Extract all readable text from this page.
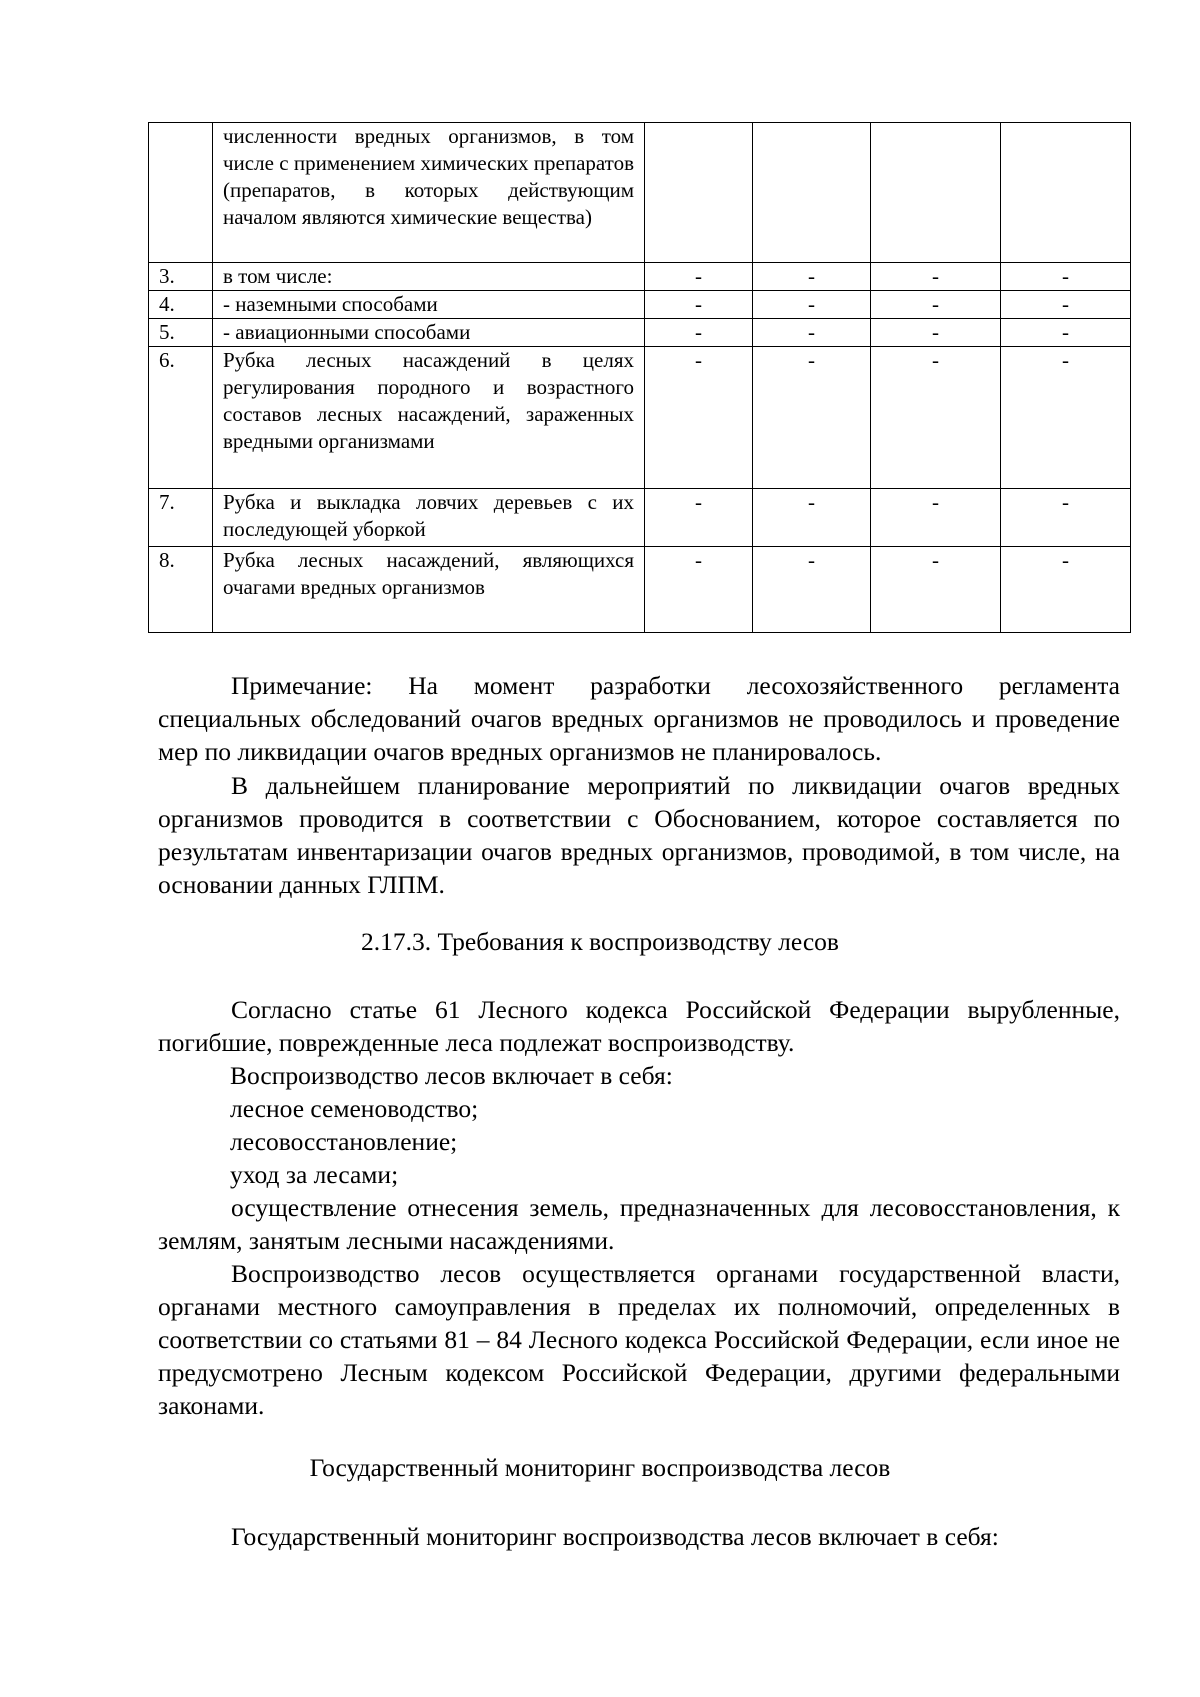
	численности вредных организмов, в том числе с применением химических препаратов (препаратов, в которых действующим началом являются химические вещества)				
3.	в том числе:	-	-	-	-
4.	- наземными способами	-	-	-	-
5.	- авиационными способами	-	-	-	-
6.	Рубка лесных насаждений в целях регулирования породного и возрастного составов лесных насаждений, зараженных вредными организмами	-	-	-	-
7.	Рубка и выкладка ловчих деревьев с их последующей уборкой	-	-	-	-
8.	Рубка лесных насаждений, являющихся очагами вредных организмов	-	-	-	-

Примечание: На момент разработки лесохозяйственного регламента специальных обследований очагов вредных организмов не проводилось и проведение мер по ликвидации очагов вредных организмов не планировалось.

В дальнейшем планирование мероприятий по ликвидации очагов вредных организмов проводится в соответствии с Обоснованием, которое составляется по результатам инвентаризации очагов вредных организмов, проводимой, в том числе, на основании данных ГЛПМ.

2.17.3. Требования к воспроизводству лесов

Согласно статье 61 Лесного кодекса Российской Федерации вырубленные, погибшие, поврежденные леса подлежат воспроизводству.

Воспроизводство лесов включает в себя:

лесное семеноводство;

лесовосстановление;

уход за лесами;

осуществление отнесения земель, предназначенных для лесовосстановления, к землям, занятым лесными насаждениями.

Воспроизводство лесов осуществляется органами государственной власти, органами местного самоуправления в пределах их полномочий, определенных в соответствии со статьями 81 – 84 Лесного кодекса Российской Федерации, если иное не предусмотрено Лесным кодексом Российской Федерации, другими федеральными законами.

Государственный мониторинг воспроизводства лесов

Государственный мониторинг воспроизводства лесов включает в себя:
